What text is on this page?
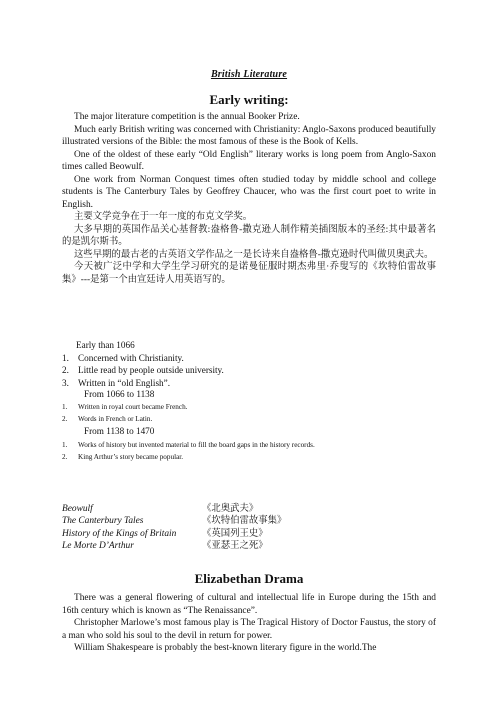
British Literature
Early writing:

The major literature competition is the annual Booker Prize.

Much early British writing was concerned with Christianity: Anglo-Saxons produced beautifully illustrated versions of the Bible: the most famous of these is the Book of Kells.

One of the oldest of these early “Old English” literary works is long poem from Anglo-Saxon times called Beowulf.

One work from Norman Conquest times often studied today by middle school and college students is The Canterbury Tales by Geoffrey Chaucer, who was the first court poet to write in English.

主要文学竞争在于一年一度的布克文学奖。

大多早期的英国作品关心基督教:盎格鲁-撒克逊人制作精美插图版本的圣经:其中最著名的是凯尔斯书。

这些早期的最古老的古英语文学作品之一是长诗来自盎格鲁-撒克逊时代叫做贝奥武夫。

今天被广泛中学和大学生学习研究的是诺曼征服时期杰弗里·乔叟写的《坎特伯雷故事集》---是第一个由宣廷诗人用英语写的。

Early than 1066
1. Concerned with Christianity.
2. Little read by people outside university.
3. Written in “old English”.
From 1066 to 1138
1. Written in royal court became French.
2. Words in French or Latin.
From 1138 to 1470
1. Works of history but invented material to fill the board gaps in the history records.
2. King Arthur’s story became popular.
Beowulf	《北奥武夫》
The Canterbury Tales	《坎特伯雷故事集》
History of the Kings of Britain	《英国列王史》
Le Morte D’Arthur	《亚瑟王之死》
Elizabethan Drama

There was a general flowering of cultural and intellectual life in Europe during the 15th and 16th century which is known as “The Renaissance”.

Christopher Marlowe’s most famous play is The Tragical History of Doctor Faustus, the story of a man who sold his soul to the devil in return for power.

William Shakespeare is probably the best-known literary figure in the world.The
